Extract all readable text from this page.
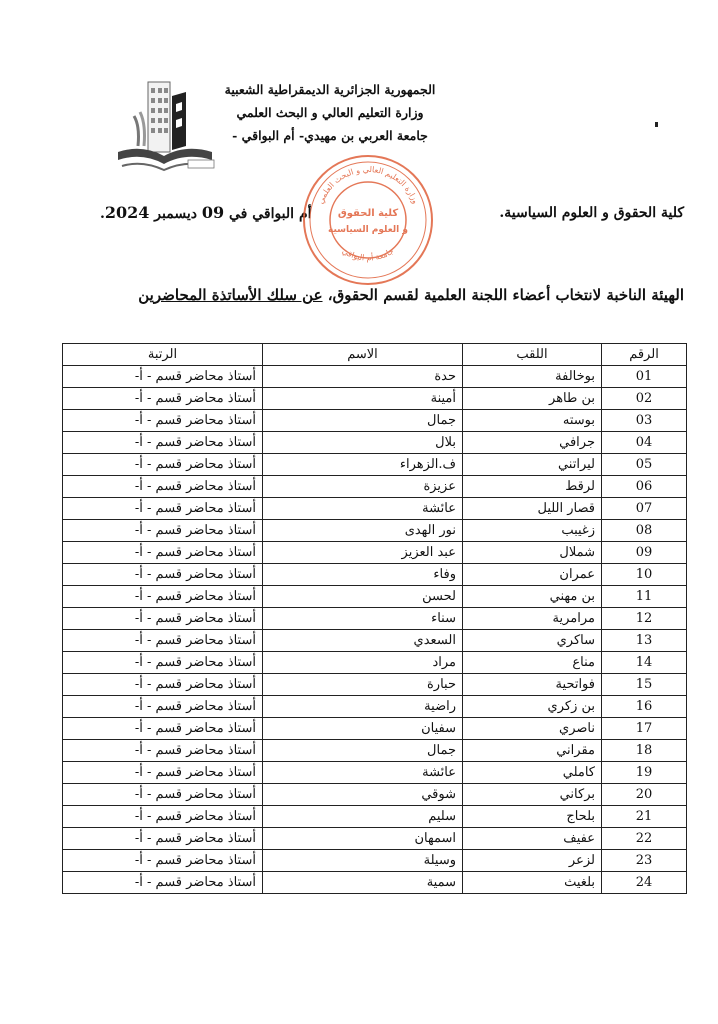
الجمهورية الجزائرية الديمقراطية الشعبية
وزارة التعليم العالي و البحث العلمي
جامعة العربي بن مهيدي- أم البواقي -
كلية الحقوق و العلوم السياسية.
أم البواقي في 09 ديسمبر 2024.
وزارة التعليم العالي و البحث العلمي
جامعة أم البواقي
كلية الحقوق
و العلوم السياسية
الهيئة الناخبة لانتخاب أعضاء اللجنة العلمية لقسم الحقوق، عن سلك الأساتذة المحاضرين
الرقم	اللقب	الاسم	الرتبة
01	بوخالفة	حدة	أستاذ محاضر قسم - أ-
02	بن طاهر	أمينة	أستاذ محاضر قسم - أ-
03	بوسته	جمال	أستاذ محاضر قسم - أ-
04	جرافي	بلال	أستاذ محاضر قسم - أ-
05	ليراتني	ف.الزهراء	أستاذ محاضر قسم - أ-
06	لرقط	عزيزة	أستاذ محاضر قسم - أ-
07	قصار الليل	عائشة	أستاذ محاضر قسم - أ-
08	زغيبب	نور الهدى	أستاذ محاضر قسم - أ-
09	شملال	عبد العزيز	أستاذ محاضر قسم - أ-
10	عمران	وفاء	أستاذ محاضر قسم - أ-
11	بن مهني	لحسن	أستاذ محاضر قسم - أ-
12	مرامرية	سناء	أستاذ محاضر قسم - أ-
13	ساكري	السعدي	أستاذ محاضر قسم - أ-
14	مناع	مراد	أستاذ محاضر قسم - أ-
15	فواتحية	حبارة	أستاذ محاضر قسم - أ-
16	بن زكري	راضية	أستاذ محاضر قسم - أ-
17	ناصري	سفيان	أستاذ محاضر قسم - أ-
18	مقراني	جمال	أستاذ محاضر قسم - أ-
19	كاملي	عائشة	أستاذ محاضر قسم - أ-
20	بركاني	شوقي	أستاذ محاضر قسم - أ-
21	بلحاج	سليم	أستاذ محاضر قسم - أ-
22	عفيف	اسمهان	أستاذ محاضر قسم - أ-
23	لزعر	وسيلة	أستاذ محاضر قسم - أ-
24	بلغيث	سمية	أستاذ محاضر قسم - أ-
